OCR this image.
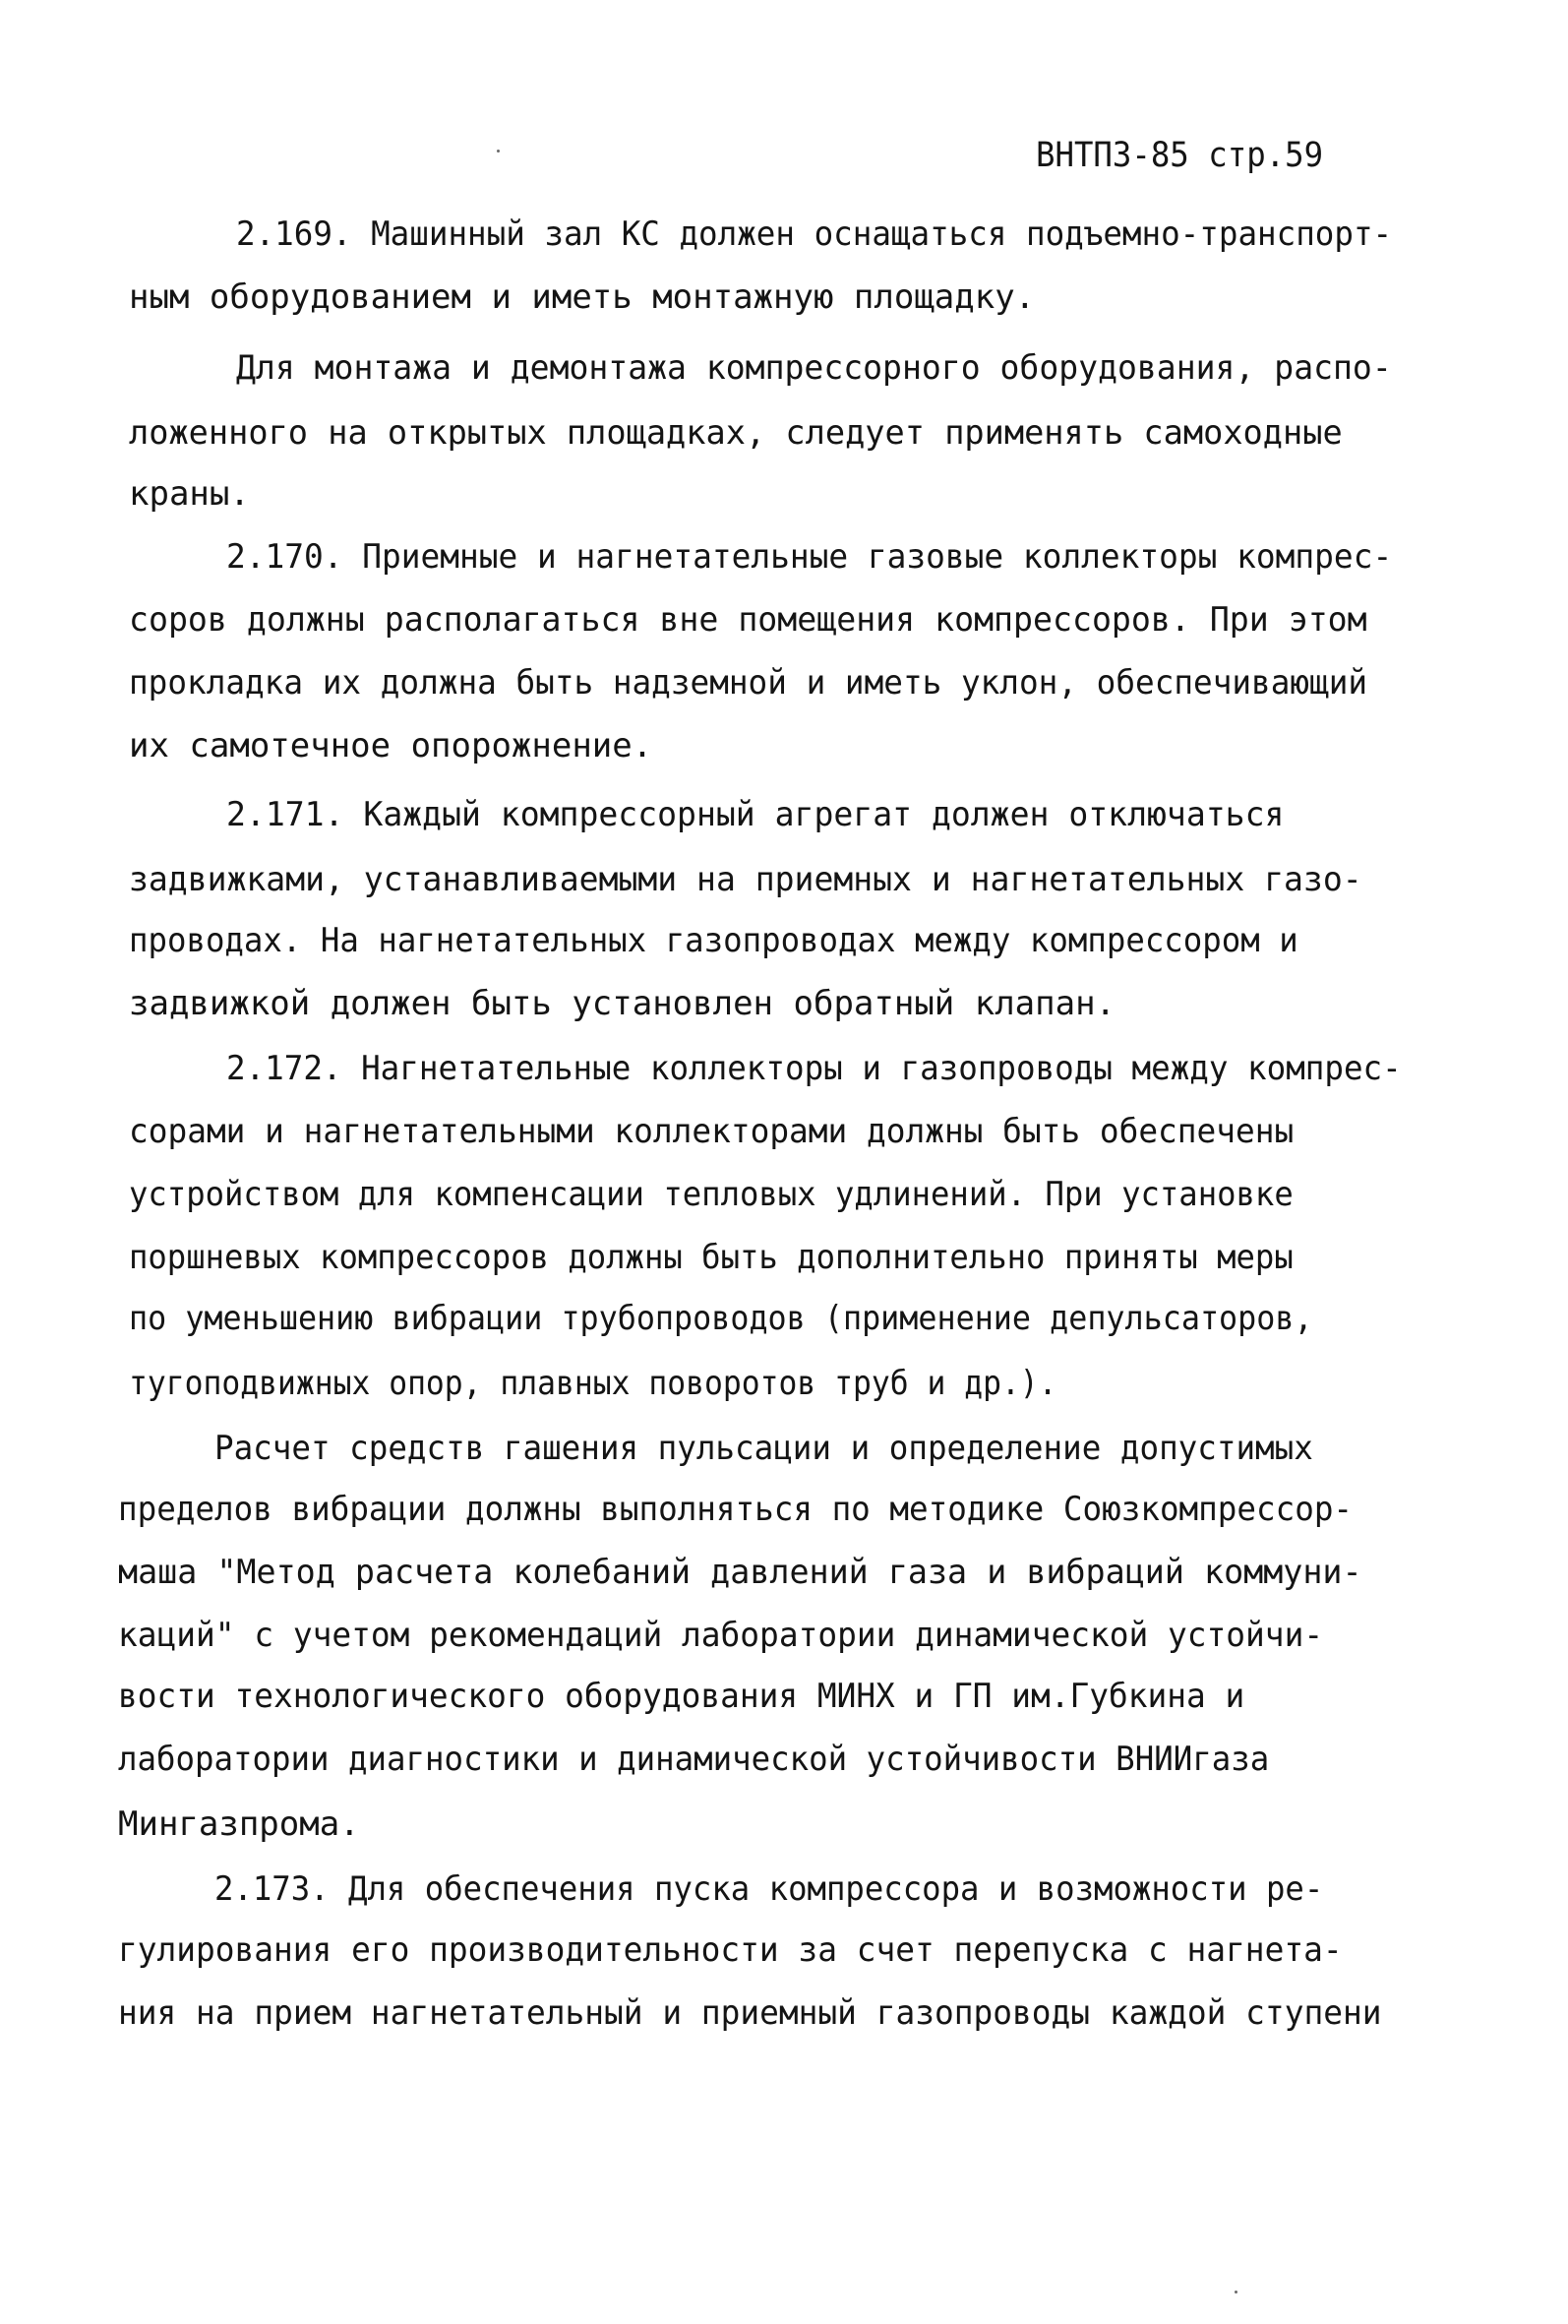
ВНТПЗ-85 стр.59
2.169. Машинный зал КС должен оснащаться подъемно-транспорт-
ным оборудованием и иметь монтажную площадку.
Для монтажа и демонтажа компрессорного оборудования, распо-
ложенного на открытых площадках, следует применять самоходные
краны.
2.170. Приемные и нагнетательные газовые коллекторы компрес-
соров должны располагаться вне помещения компрессоров. При этом
прокладка их должна быть надземной и иметь уклон, обеспечивающий
их самотечное опорожнение.
2.171. Каждый компрессорный агрегат должен отключаться
задвижками, устанавливаемыми на приемных и нагнетательных газо-
проводах. На нагнетательных газопроводах между компрессором и
задвижкой должен быть установлен обратный клапан.
2.172. Нагнетательные коллекторы и газопроводы между компрес-
сорами и нагнетательными коллекторами должны быть обеспечены
устройством для компенсации тепловых удлинений. При установке
поршневых компрессоров должны быть дополнительно приняты меры
по уменьшению вибрации трубопроводов (применение депульсаторов,
тугоподвижных опор, плавных поворотов труб и др.).
Расчет средств гашения пульсации и определение допустимых
пределов вибрации должны выполняться по методике Союзкомпрессор-
маша "Метод расчета колебаний давлений газа и вибраций коммуни-
каций" с учетом рекомендаций лаборатории динамической устойчи-
вости технологического оборудования МИНХ и ГП им.Губкина и
лаборатории диагностики и динамической устойчивости ВНИИгаза
Мингазпрома.
2.173. Для обеспечения пуска компрессора и возможности ре-
гулирования его производительности за счет перепуска с нагнета-
ния на прием нагнетательный и приемный газопроводы каждой ступени
